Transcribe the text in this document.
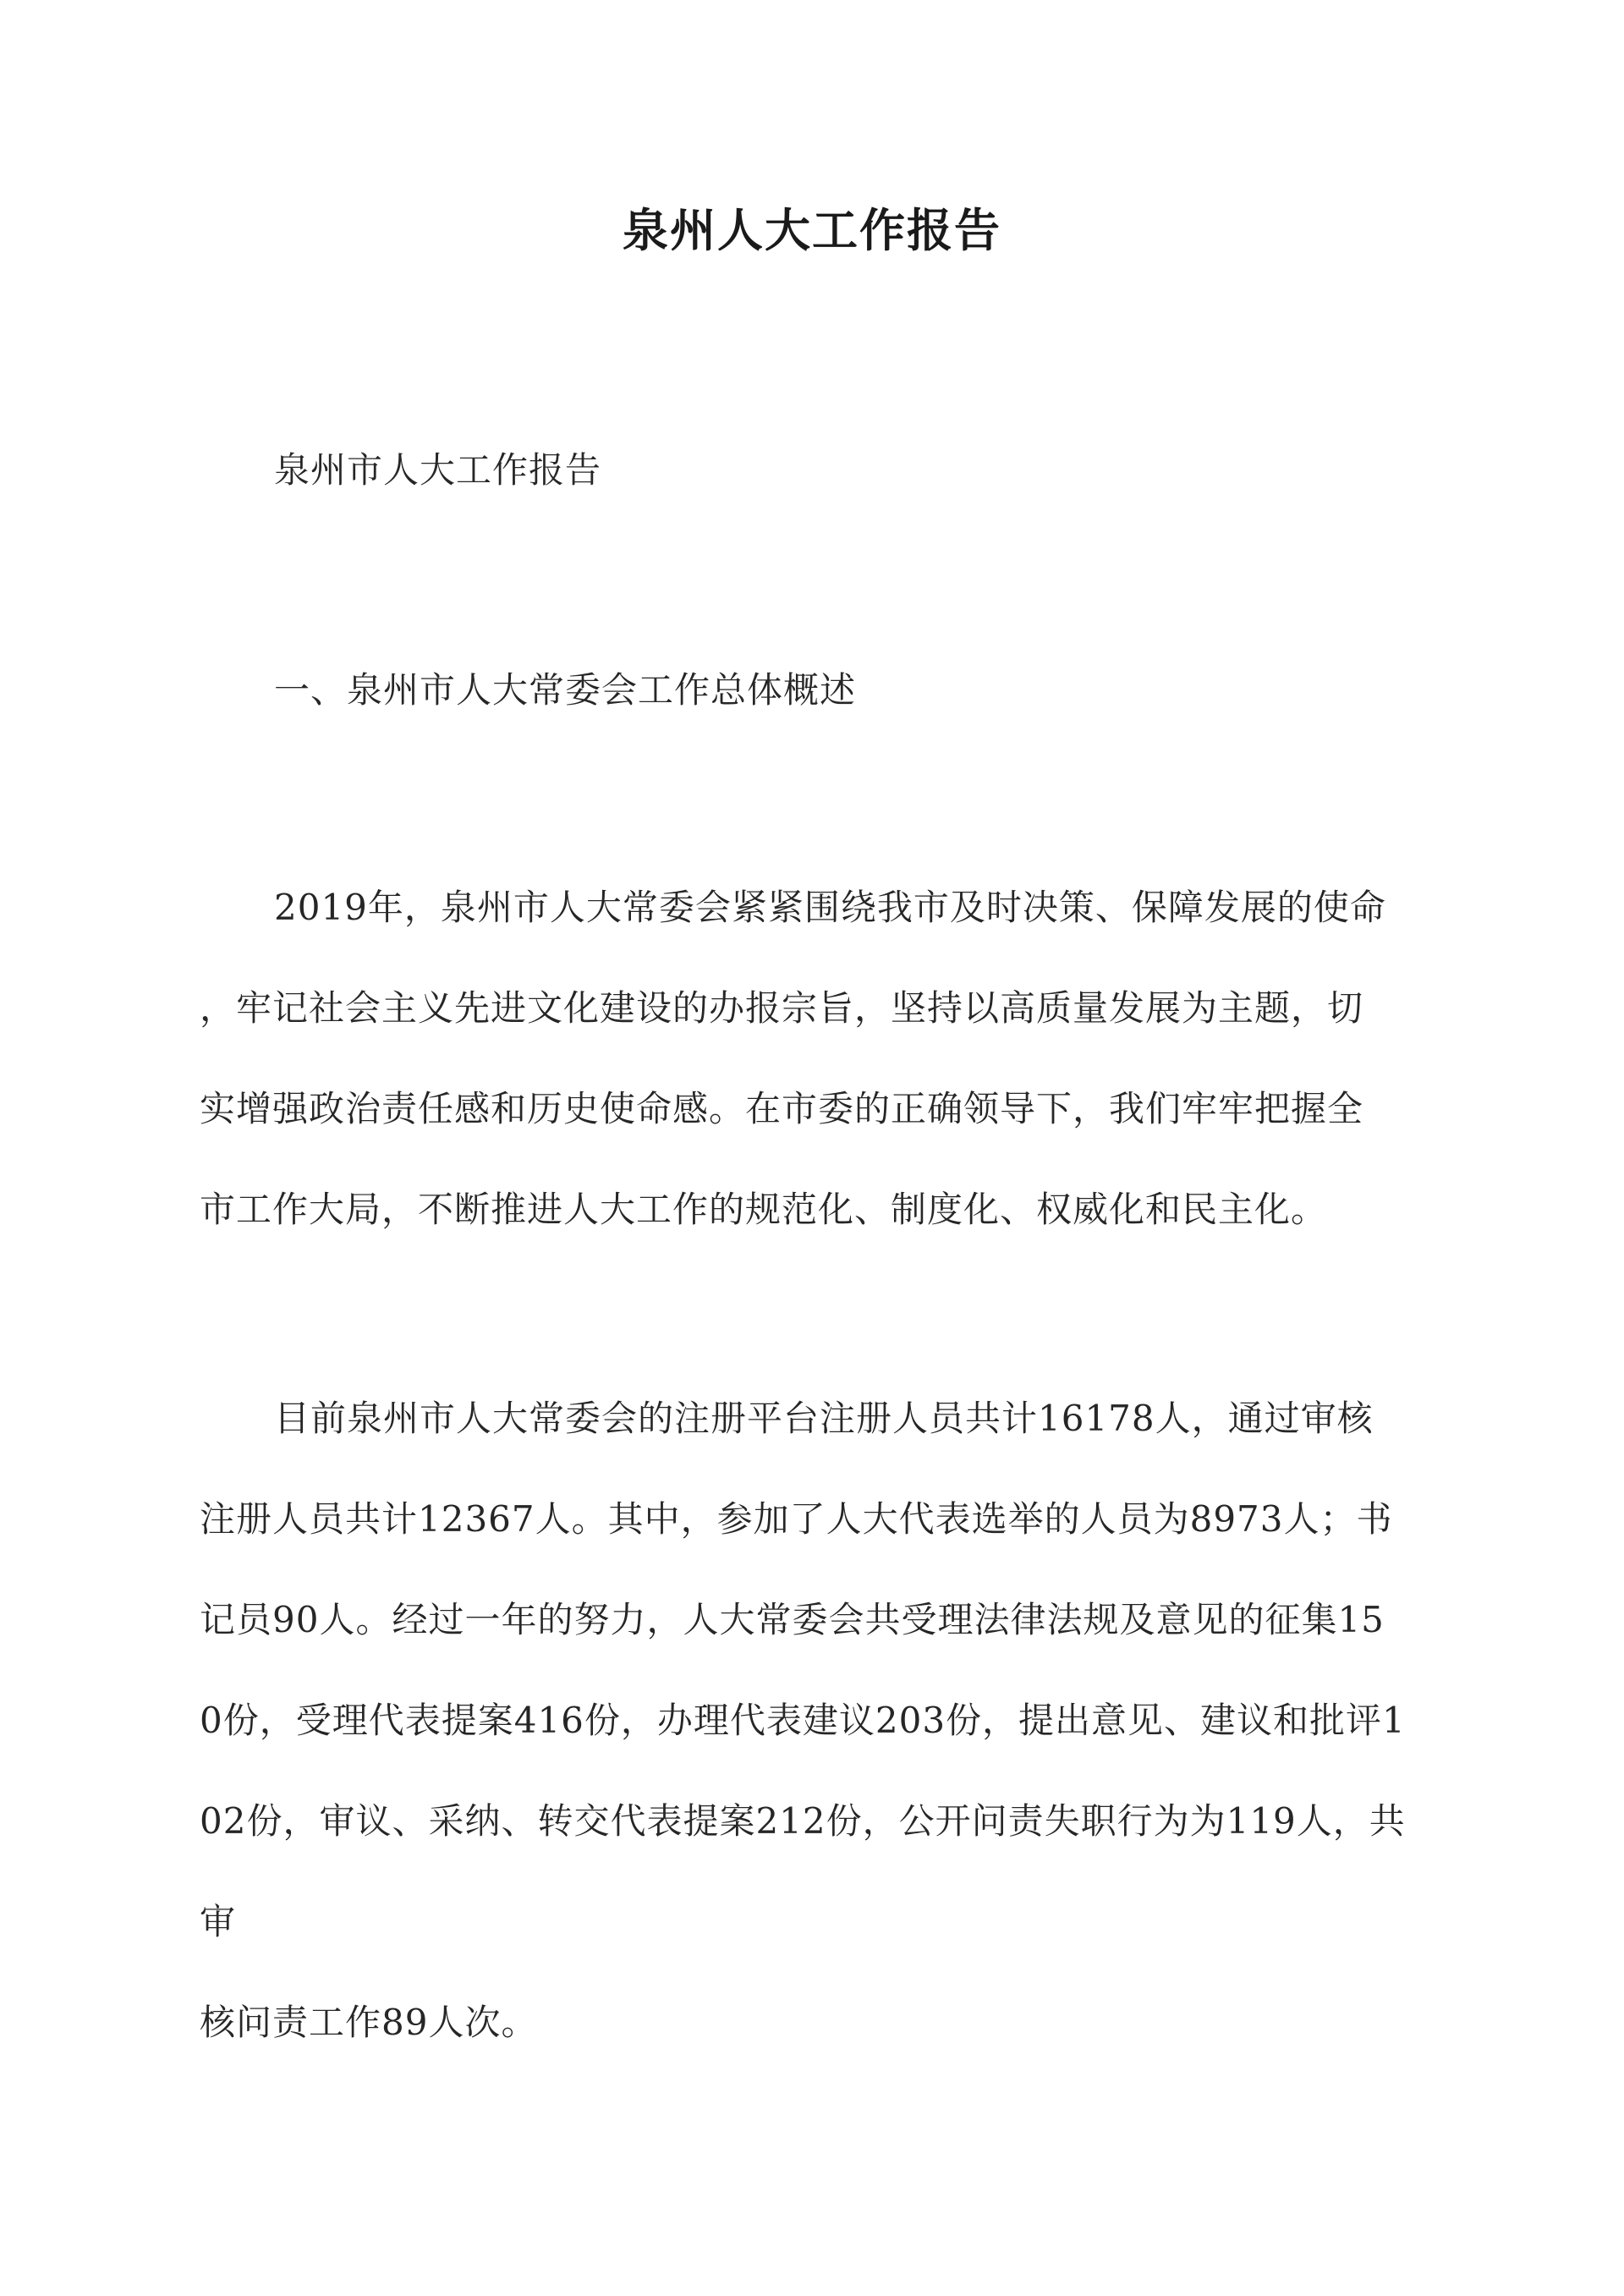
泉州人大工作报告
泉州市人大工作报告
一、泉州市人大常委会工作总体概述
2019年，泉州市人大常委会紧紧围绕我市及时决策、保障发展的使命
，牢记社会主义先进文化建设的办报宗旨，坚持以高质量发展为主题，切
实增强政治责任感和历史使命感。在市委的正确领导下，我们牢牢把握全
市工作大局，不断推进人大工作的规范化、制度化、权威化和民主化。
目前泉州市人大常委会的注册平台注册人员共计16178人，通过审核
注册人员共计12367人。其中，参加了人大代表选举的人员为8973人；书
记员90人。经过一年的努力，人大常委会共受理法律法规及意见的征集15
0份，受理代表提案416份，办理代表建议203份，提出意见、建议和批评1
02份，审议、采纳、转交代表提案212份，公开问责失职行为为119人，共审
核问责工作89人次。
